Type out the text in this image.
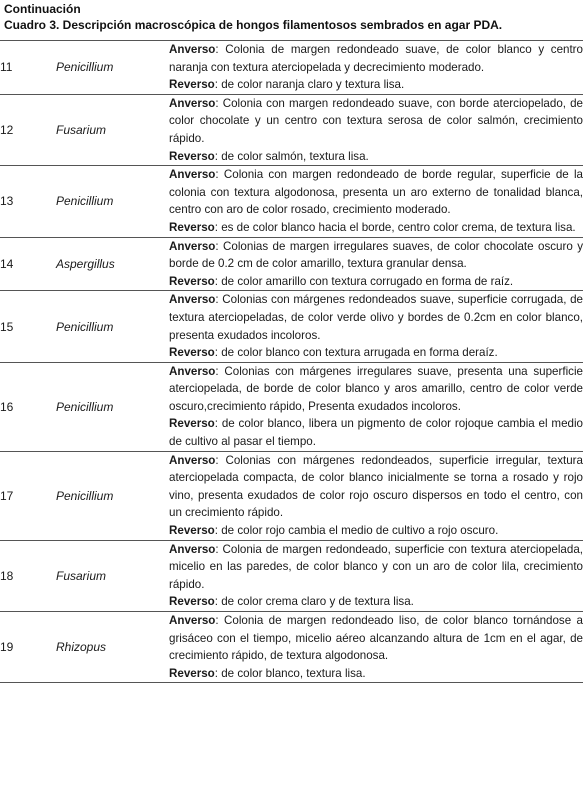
Continuación
Cuadro 3. Descripción macroscópica de hongos filamentosos sembrados en agar PDA.
11	Penicillium	Anverso: Colonia de margen redondeado suave, de color blanco y centro naranja con textura aterciopelada y decrecimiento moderado.
Reverso: de color naranja claro y textura lisa.

12	Fusarium	Anverso: Colonia con margen redondeado suave, con borde aterciopelado, de color chocolate y un centro con textura serosa de color salmón, crecimiento rápido.
Reverso: de color salmón, textura lisa.

13	Penicillium	Anverso: Colonia con margen redondeado de borde regular, superficie de la colonia con textura algodonosa, presenta un aro externo de tonalidad blanca, centro con aro de color rosado, crecimiento moderado.
Reverso: es de color blanco hacia el borde, centro color crema, de textura lisa.

14	Aspergillus	Anverso: Colonias de margen irregulares suaves, de color chocolate oscuro y borde de 0.2 cm de color amarillo, textura granular densa.
Reverso: de color amarillo con textura corrugado en forma de raíz.

15	Penicillium	Anverso: Colonias con márgenes redondeados suave, superficie corrugada, de textura aterciopeladas, de color verde olivo y bordes de 0.2cm en color blanco, presenta exudados incoloros.
Reverso: de color blanco con textura arrugada en forma deraíz.

16	Penicillium	Anverso: Colonias con márgenes irregulares suave, presenta una superficie aterciopelada, de borde de color blanco y aros amarillo, centro de color verde oscuro,crecimiento rápido, Presenta exudados incoloros.
Reverso: de color blanco, libera un pigmento de color rojoque cambia el medio de cultivo al pasar el tiempo.

17	Penicillium	Anverso: Colonias con márgenes redondeados, superficie irregular, textura aterciopelada compacta, de color blanco inicialmente se torna a rosado y rojo vino, presenta exudados de color rojo oscuro dispersos en todo el centro, con un crecimiento rápido.
Reverso: de color rojo cambia el medio de cultivo a rojo oscuro.

18	Fusarium	Anverso: Colonia de margen redondeado, superficie con textura aterciopelada, micelio en las paredes, de color blanco y con un aro de color lila, crecimiento rápido.
Reverso: de color crema claro y de textura lisa.

19	Rhizopus	Anverso: Colonia de margen redondeado liso, de color blanco tornándose a grisáceo con el tiempo, micelio aéreo alcanzando altura de 1cm en el agar, de crecimiento rápido, de textura algodonosa.
Reverso: de color blanco, textura lisa.
